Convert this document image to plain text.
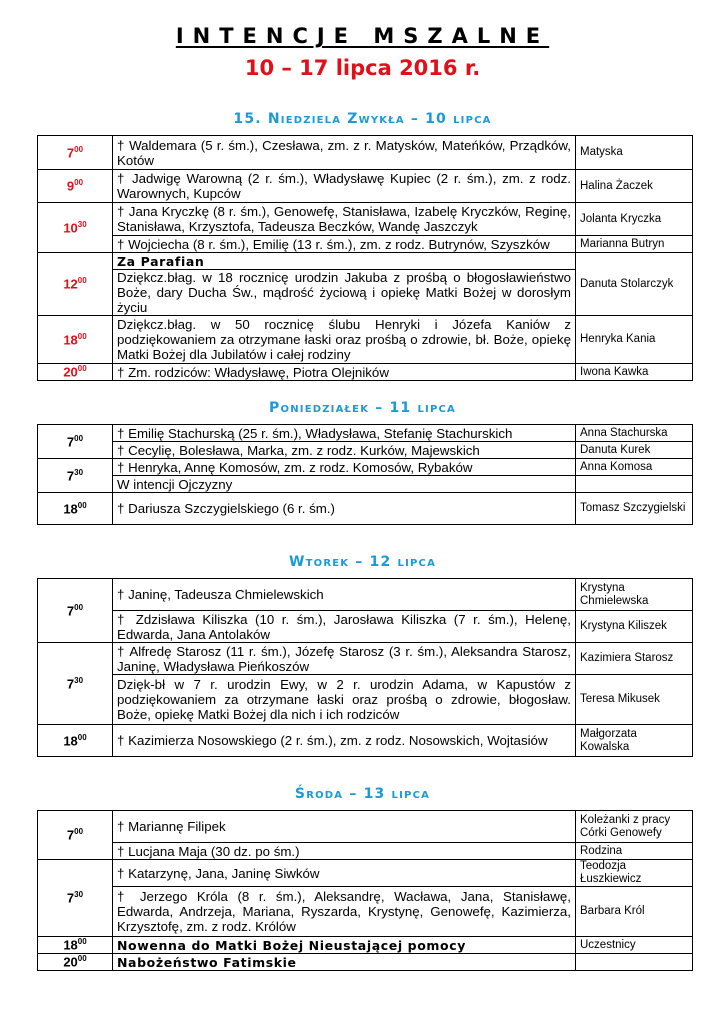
INTENCJE MSZALNE
10 – 17 lipca 2016 r.
15. Niedziela Zwykła – 10 lipca
$7^{00}$	† Waldemara (5 r. śm.), Czesława, zm. z r. Matysków, Mateńków, Prządków, Kotów	Matyska
$9^{00}$	† Jadwigę Warowną (2 r. śm.), Władysławę Kupiec (2 r. śm.), zm. z rodz. Warownych, Kupców	Halina Żaczek
$10^{30}$	† Jana Kryczkę (8 r. śm.), Genowefę, Stanisława, Izabelę Kryczków, Reginę, Stanisława, Krzysztofa, Tadeusza Beczków, Wandę Jaszczyk	Jolanta Kryczka
	† Wojciecha (8 r. śm.), Emilię (13 r. śm.), zm. z rodz. Butrynów, Szyszków	Marianna Butryn
$12^{00}$	Za Parafian	Danuta Stolarczyk
	Dziękcz.błag. w 18 rocznicę urodzin Jakuba z prośbą o błogosławieństwo Boże, dary Ducha Św., mądrość życiową i opiekę Matki Bożej w dorosłym życiu	
$18^{00}$	Dziękcz.błag. w 50 rocznicę ślubu Henryki i Józefa Kaniów z podziękowaniem za otrzymane łaski oraz prośbą o zdrowie, bł. Boże, opiekę Matki Bożej dla Jubilatów i całej rodziny	Henryka Kania
$20^{00}$	† Zm. rodziców: Władysławę, Piotra Olejników	Iwona Kawka
Poniedziałek – 11 lipca
$7^{00}$	† Emilię Stachurską (25 r. śm.), Władysława, Stefanię Stachurskich	Anna Stachurska
	† Cecylię, Bolesława, Marka, zm. z rodz. Kurków, Majewskich	Danuta Kurek
$7^{30}$	† Henryka, Annę Komosów, zm. z rodz. Komosów, Rybaków	Anna Komosa
	W intencji Ojczyzny	
$18^{00}$	† Dariusza Szczygielskiego (6 r. śm.)	Tomasz Szczygielski
Wtorek – 12 lipca
$7^{00}$	† Janinę, Tadeusza Chmielewskich	Krystyna Chmielewska
	† Zdzisława Kiliszka (10 r. śm.), Jarosława Kiliszka (7 r. śm.), Helenę, Edwarda, Jana Antolaków	Krystyna Kiliszek
$7^{30}$	† Alfredę Starosz (11 r. śm.), Józefę Starosz (3 r. śm.), Aleksandra Starosz, Janinę, Władysława Pieńkoszów	Kazimiera Starosz
	Dzięk-bł w 7 r. urodzin Ewy, w 2 r. urodzin Adama, w Kapustów z podziękowaniem za otrzymane łaski oraz prośbą o zdrowie, błogosław. Boże, opiekę Matki Bożej dla nich i ich rodziców	Teresa Mikusek
$18^{00}$	† Kazimierza Nosowskiego (2 r. śm.), zm. z rodz. Nosowskich, Wojtasiów	Małgorzata Kowalska
Środa – 13 lipca
$7^{00}$	† Mariannę Filipek	Koleżanki z pracy Córki Genowefy
	† Lucjana Maja (30 dz. po śm.)	Rodzina
$7^{30}$	† Katarzynę, Jana, Janinę Siwków	Teodozja Łuszkiewicz
	† Jerzego Króla (8 r. śm.), Aleksandrę, Wacława, Jana, Stanisławę, Edwarda, Andrzeja, Mariana, Ryszarda, Krystynę, Genowefę, Kazimierza, Krzysztofę, zm. z rodz. Królów	Barbara Król
$18^{00}$	Nowenna do Matki Bożej Nieustającej pomocy	Uczestnicy
$20^{00}$	Nabożeństwo Fatimskie	
